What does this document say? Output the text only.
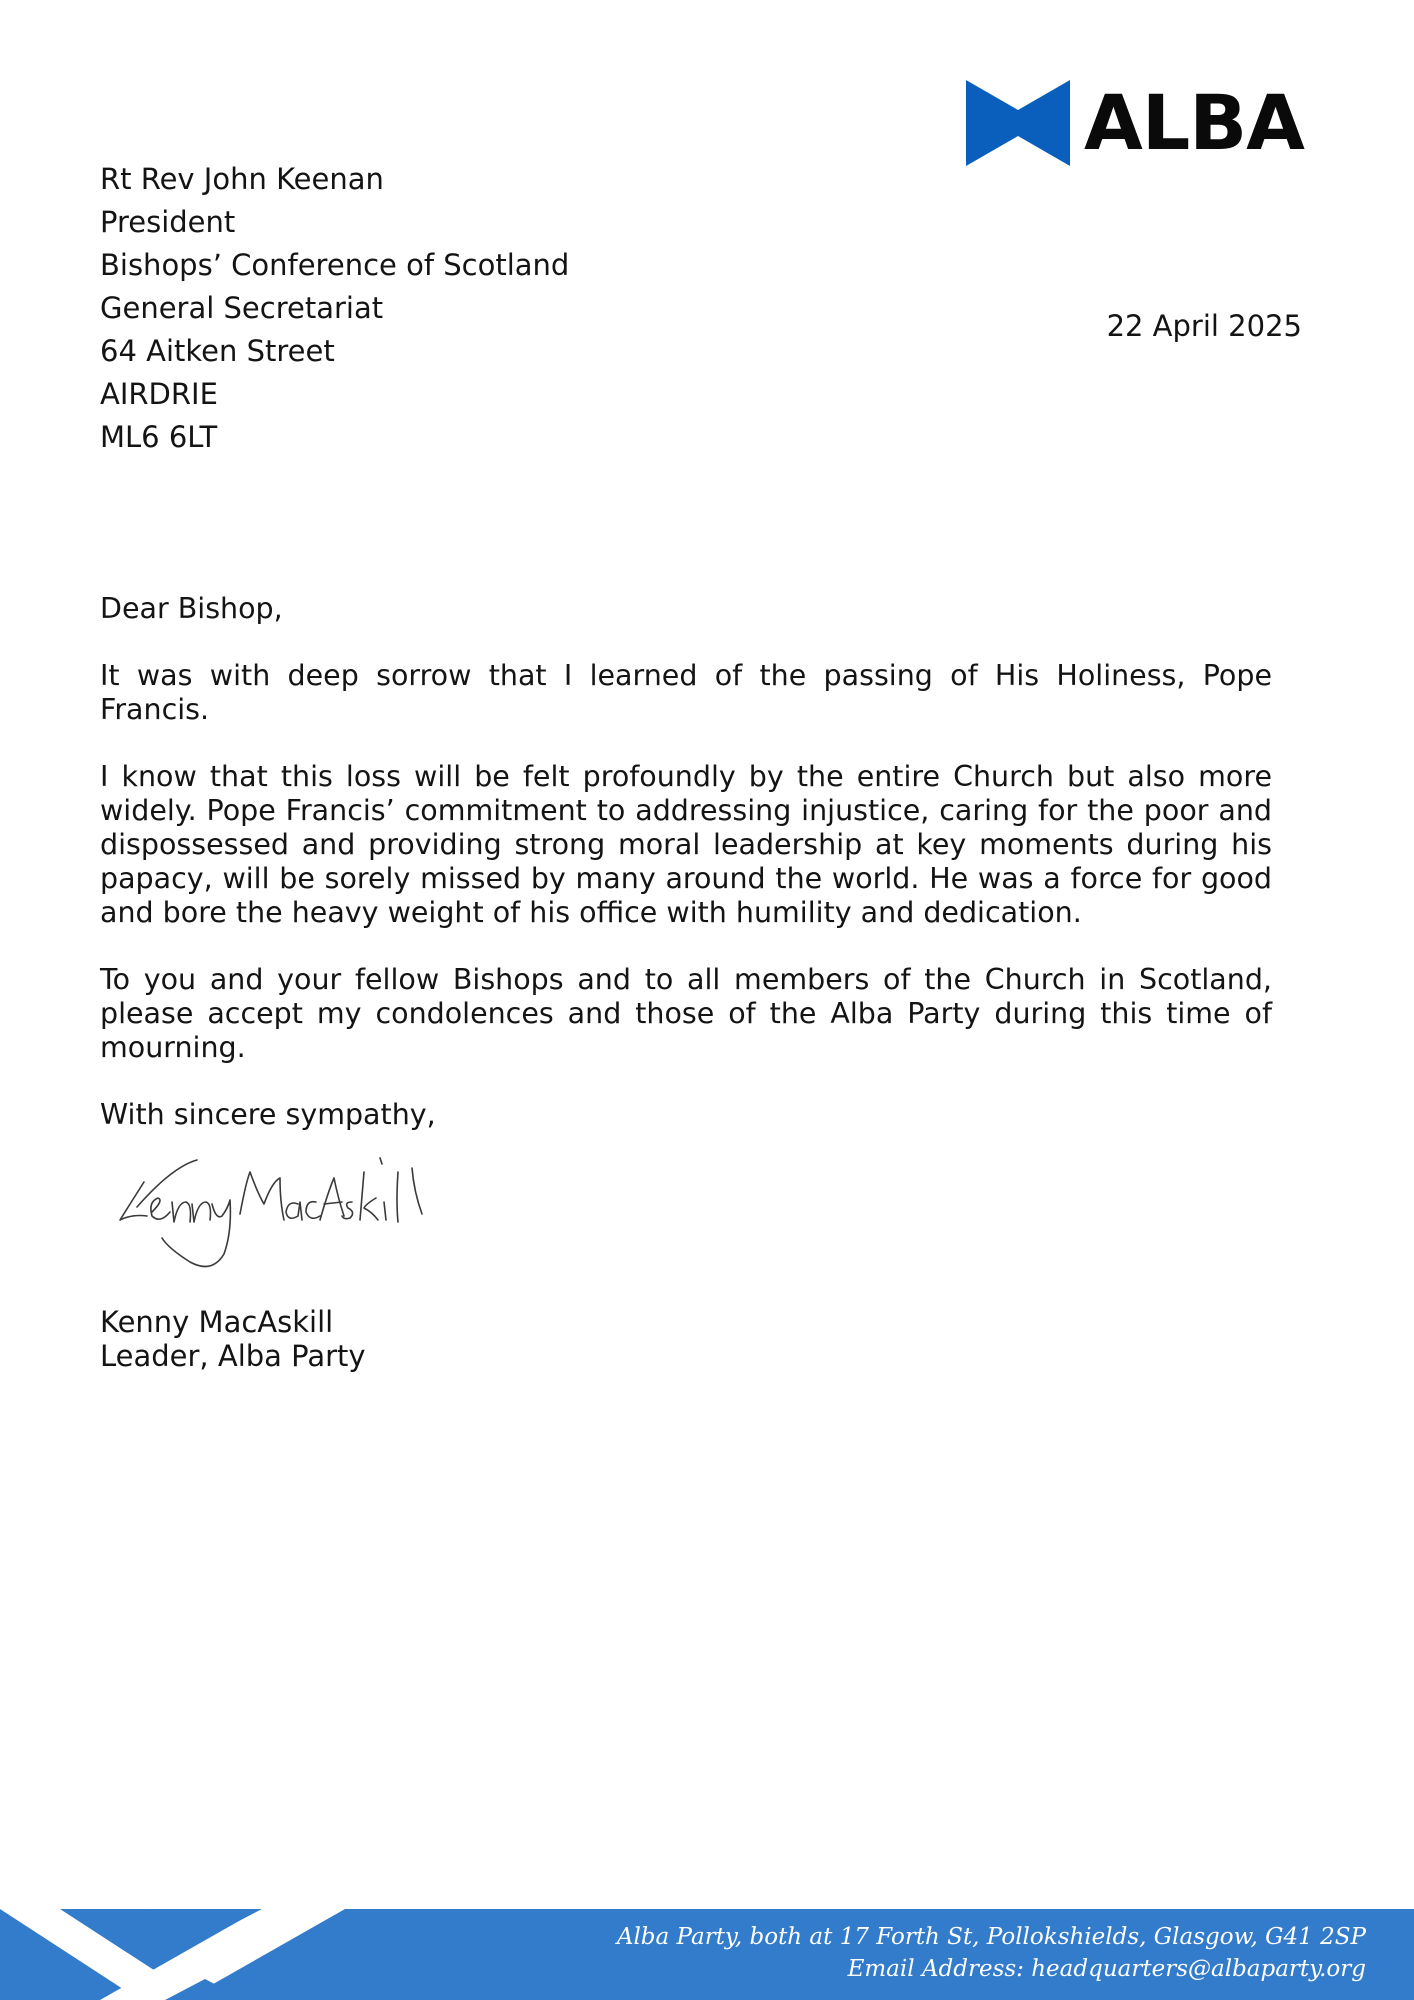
ALBA
Rt Rev John Keenan
President
Bishops’ Conference of Scotland
General Secretariat
64 Aitken Street
AIRDRIE
ML6 6LT
22 April 2025

Dear Bishop,

It was with deep sorrow that I learned of the passing of His Holiness, Pope Francis.

I know that this loss will be felt profoundly by the entire Church but also more widely. Pope Francis’ commitment to addressing injustice, caring for the poor and dispossessed and providing strong moral leadership at key moments during his papacy, will be sorely missed by many around the world. He was a force for good and bore the heavy weight of his office with humility and dedication.

To you and your fellow Bishops and to all members of the Church in Scotland, please accept my condolences and those of the Alba Party during this time of mourning.

With sincere sympathy,

Kenny MacAskill
Leader, Alba Party
Alba Party, both at 17 Forth St, Pollokshields, Glasgow, G41 2SP
Email Address: headquarters@albaparty.org
